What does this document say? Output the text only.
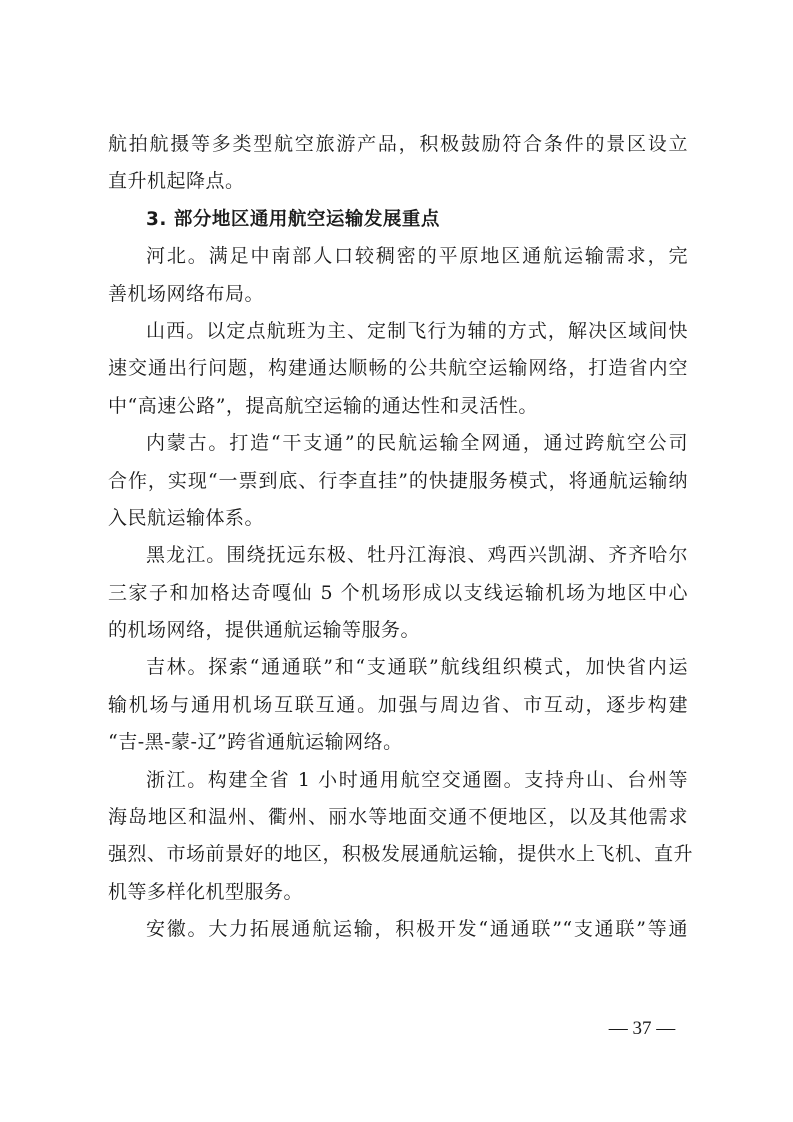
航拍航摄等多类型航空旅游产品，积极鼓励符合条件的景区设立
直升机起降点。
3. 部分地区通用航空运输发展重点
河北。满足中南部人口较稠密的平原地区通航运输需求，完
善机场网络布局。
山西。以定点航班为主、定制飞行为辅的方式，解决区域间快
速交通出行问题，构建通达顺畅的公共航空运输网络，打造省内空
中“高速公路”，提高航空运输的通达性和灵活性。
内蒙古。打造“干支通”的民航运输全网通，通过跨航空公司
合作，实现“一票到底、行李直挂”的快捷服务模式，将通航运输纳
入民航运输体系。
黑龙江。围绕抚远东极、牡丹江海浪、鸡西兴凯湖、齐齐哈尔
三家子和加格达奇嘎仙 5 个机场形成以支线运输机场为地区中心
的机场网络，提供通航运输等服务。
吉林。探索“通通联”和“支通联”航线组织模式，加快省内运
输机场与通用机场互联互通。加强与周边省、市互动，逐步构建
“吉-黑-蒙-辽”跨省通航运输网络。
浙江。构建全省 1 小时通用航空交通圈。支持舟山、台州等
海岛地区和温州、衢州、丽水等地面交通不便地区，以及其他需求
强烈、市场前景好的地区，积极发展通航运输，提供水上飞机、直升
机等多样化机型服务。
安徽。大力拓展通航运输，积极开发“通通联”“支通联”等通
— 37 —
